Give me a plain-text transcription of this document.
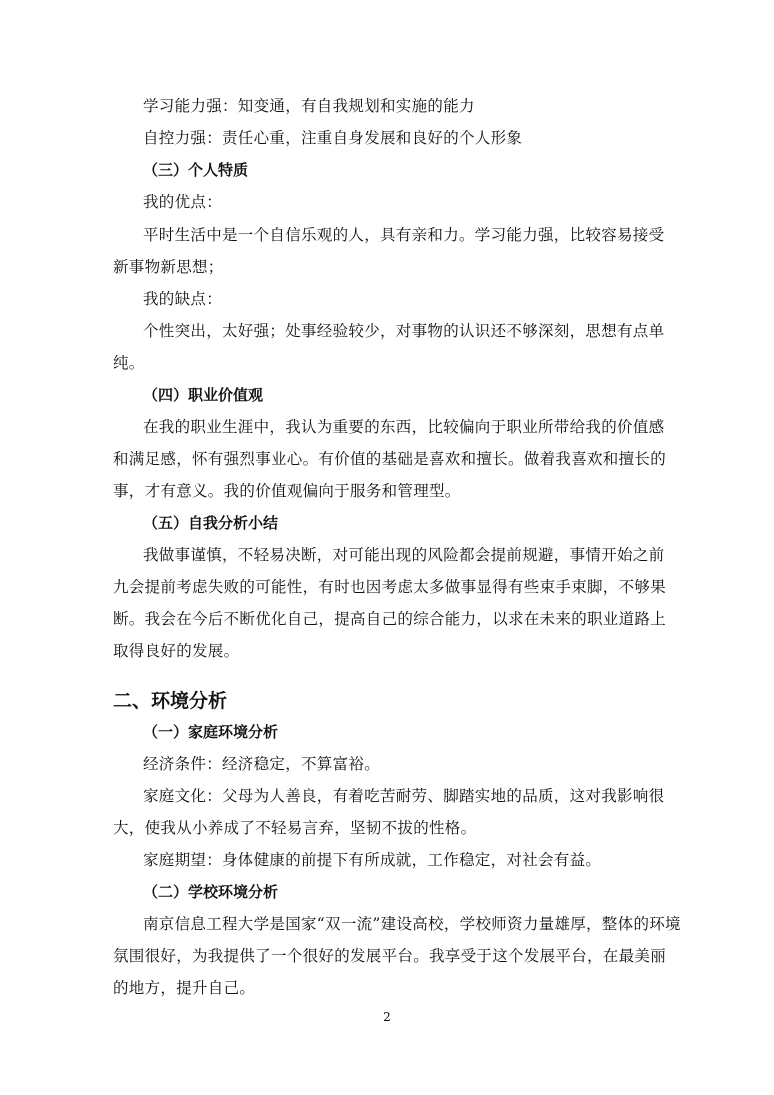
学习能力强：知变通，有自我规划和实施的能力
自控力强：责任心重，注重自身发展和良好的个人形象
（三）个人特质
我的优点：
平时生活中是一个自信乐观的人，具有亲和力。学习能力强，比较容易接受
新事物新思想；
我的缺点：
个性突出，太好强；处事经验较少，对事物的认识还不够深刻，思想有点单
纯。
（四）职业价值观
在我的职业生涯中，我认为重要的东西，比较偏向于职业所带给我的价值感
和满足感，怀有强烈事业心。有价值的基础是喜欢和擅长。做着我喜欢和擅长的
事，才有意义。我的价值观偏向于服务和管理型。
（五）自我分析小结
我做事谨慎，不轻易决断，对可能出现的风险都会提前规避，事情开始之前
九会提前考虑失败的可能性，有时也因考虑太多做事显得有些束手束脚，不够果
断。我会在今后不断优化自己，提高自己的综合能力，以求在未来的职业道路上
取得良好的发展。
二、环境分析
（一）家庭环境分析
经济条件：经济稳定，不算富裕。
家庭文化：父母为人善良，有着吃苦耐劳、脚踏实地的品质，这对我影响很
大，使我从小养成了不轻易言弃，坚韧不拔的性格。
家庭期望：身体健康的前提下有所成就，工作稳定，对社会有益。
（二）学校环境分析
南京信息工程大学是国家“双一流”建设高校，学校师资力量雄厚，整体的环境
氛围很好，为我提供了一个很好的发展平台。我享受于这个发展平台，在最美丽
的地方，提升自己。
2
